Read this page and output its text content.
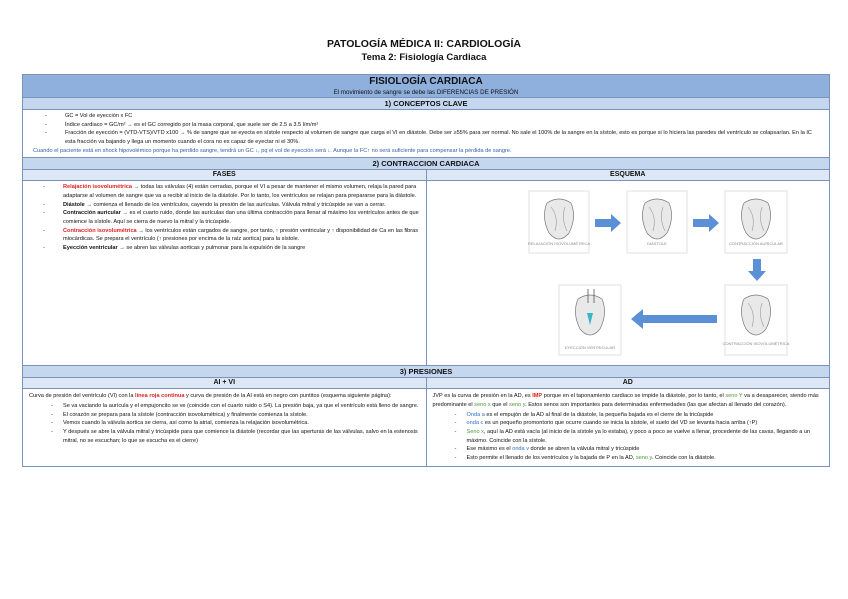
PATOLOGÍA MÉDICA II: CARDIOLOGÍA
Tema 2: Fisiología Cardiaca
FISIOLOGÍA CARDIACA
El movimiento de sangre se debe las DIFERENCIAS DE PRESIÓN
1) CONCEPTOS CLAVE
- GC = Vol de eyección x FC
- Índice cardiaco = GC/m² → es el GC corregido por la masa corporal, que suele ser de 2.5 a 3.5 l/m/m²
- Fracción de eyección = (VTD-VTS)/VTD x100 → % de sangre que se eyecta en sístole respecto al volumen de sangre que carga el VI en diástole. Debe ser ≥55% para ser normal. No sale el 100% de la sangre en la sístole, esto es porque si lo hiciera las paredes del ventrículo se colapsarían. En la IC esta fracción va bajando y llega un momento cuando el cora no es capaz de eyectar ni el 30%.
Cuando el paciente está en shock hipovolémico porque ha perdido sangre, tendrá un GC ↓, pq el vol de eyección será ↓. Aunque la FC↑ no será suficiente para compensar la pérdida de sangre.
2) CONTRACCION CARDIACA
FASES
- Relajación isovolumétrica → todas las válvulas (4) están cerradas, porque el VI a pesar de mantener el mismo volumen, relaja la pared para adaptarse al volumen de sangre que va a recibir al inicio de la diástole. Por lo tanto, los ventrículos se relajan para prepararse para la diástole.
- Diástole → comienza el llenado de los ventrículos, cayendo la presión de las aurículas. Válvula mitral y tricúspide se van a cerrar.
- Contracción auricular → es el cuarto ruido, donde las aurículas dan una última contracción para llenar al máximo los ventrículos antes de que comience la sístole. Aquí se cierra de nuevo la mitral y la tricúspide.
- Contracción isovolumétrica → los ventrículos están cargados de sangre, por tanto, ↑ presión ventricular y ↑ disponibilidad de Ca en las fibras miocárdicas. Se prepara el ventrículo (↑ presiones por encima de la raíz aortica) para la sístole.
- Eyección ventricular → se abren las válvulas aorticas y pulmonar para la expulsión de la sangre
ESQUEMA
RELAJACIÓN ISOVOLUMÉTRICA	DIÁSTOLE	CONTRACCIÓN AURICULAR
EYECCIÓN VENTRICULAR
CONTRACCIÓN ISOVOLUMÉTRICA
3) PRESIONES
AI + VI
Curva de presión del ventrículo (VI) con la línea roja continua y curva de presión de la AI está en negro con puntitos (esquema siguiente página):
- Se va vaciando la aurícula y el empujoncito se ve (coincide con el cuarto ruido o S4). La presión baja, ya que el ventrículo está lleno de sangre.
- El corazón se prepara para la sístole (contracción isovolumétrica) y finalmente comienza la sístole.
- Vemos cuando la válvula aortica se cierra, así como la atrial, comienza la relajación isovolumétrica.
- Y después se abre la válvula mitral y tricúspide para que comience la diástole (recordar que las aperturas de las válvulas, salvo en la estenosis mitral, no se escuchan; lo que se escucha es el cierre)
AD
JVP es la curva de presión en la AD, es IMP porque en el taponamiento cardiaco se impide la diástole, por lo tanto, el seno Y va a desaparecer, siendo más predominante el seno x que el seno y. Estos senos son importantes para determinadas enfermedades (las que afectan al llenado del corazón).
- Onda a es el empujón de la AD al final de la diástole, la pequeña bajada es el cierre de la tricúspide
- onda c es un pequeño promontorio que ocurre cuando se inicia la sístole, el suelo del VD se levanta hacia arriba (↑P)
- Seno x, aquí la AD está vacía (al inicio de la sístole ya lo estaba), y poco a poco se vuelve a llenar, procedente de las cavas, llegando a un máximo. Coincide con la sístole.
- Ese máximo es el onda v donde se abren la válvula mitral y tricúspide
- Esto permite el llenado de los ventrículos y la bajada de P en la AD, seno y. Coincide con la diástole.
